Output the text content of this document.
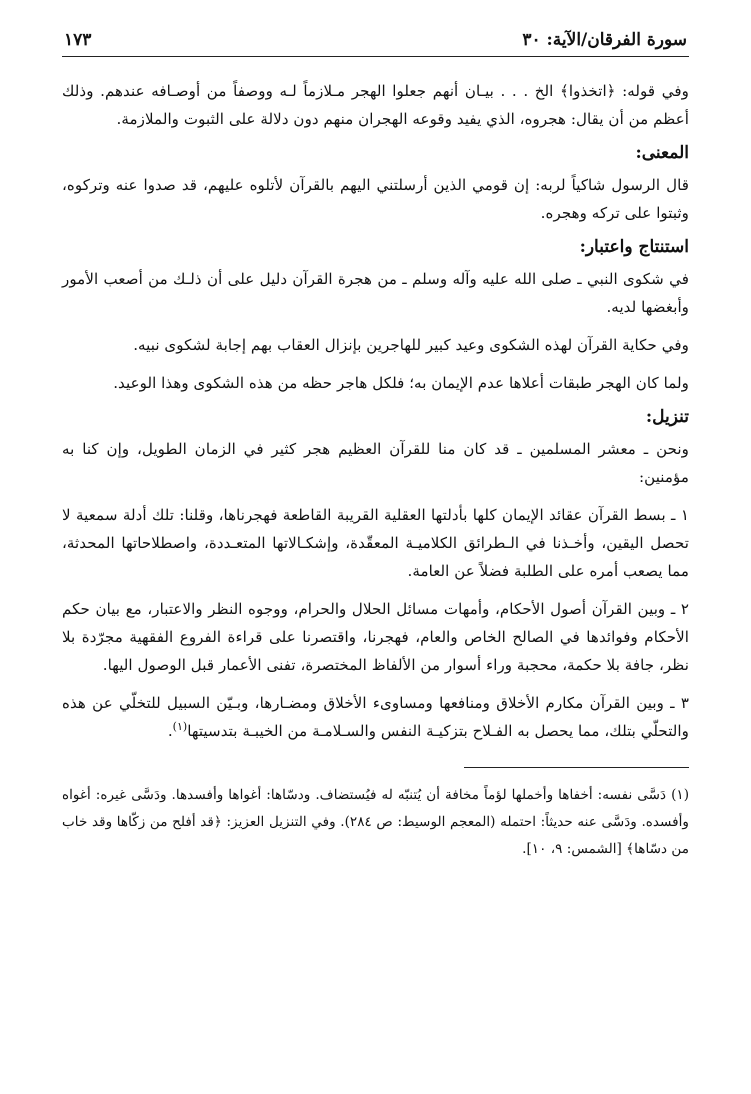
سورة الفرقان/الآية: ٣٠
١٧٣

وفي قوله: ﴿اتخذوا﴾ الخ . . . بيـان أنهم جعلوا الهجر مـلازماً لـه ووصفاً من أوصـافه عندهم. وذلك أعظم من أن يقال: هجروه، الذي يفيد وقوعه الهجران منهم دون دلالة على الثبوت والملازمة.

المعنى:

قال الرسول شاكياً لربه: إن قومي الذين أرسلتني اليهم بالقرآن لأتلوه عليهم، قد صدوا عنه وتركوه، وثبتوا على تركه وهجره.

استنتاج واعتبار:

في شكوى النبي ـ صلى الله عليه وآله وسلم ـ من هجرة القرآن دليل على أن ذلـك من أصعب الأمور وأبغضها لديه.

وفي حكاية القرآن لهذه الشكوى وعيد كبير للهاجرين بإنزال العقاب بهم إجابة لشكوى نبيه.

ولما كان الهجر طبقات أعلاها عدم الإيمان به؛ فلكل هاجر حظه من هذه الشكوى وهذا الوعيد.

تنزيل:

ونحن ـ معشر المسلمين ـ قد كان منا للقرآن العظيم هجر كثير في الزمان الطويل، وإن كنا به مؤمنين:

١ ـ بسط القرآن عقائد الإيمان كلها بأدلتها العقلية القريبة القاطعة فهجرناها، وقلنا: تلك أدلة سمعية لا تحصل اليقين، وأخـذنا في الـطرائق الكلاميـة المعقّدة، وإشكـالاتها المتعـددة، واصطلاحاتها المحدثة، مما يصعب أمره على الطلبة فضلاً عن العامة.

٢ ـ وبين القرآن أصول الأحكام، وأمهات مسائل الحلال والحرام، ووجوه النظر والاعتبار، مع بيان حكم الأحكام وفوائدها في الصالح الخاص والعام، فهجرنا، واقتصرنا على قراءة الفروع الفقهية مجرّدة بلا نظر، جافة بلا حكمة، محجبة وراء أسوار من الألفاظ المختصرة، تفنى الأعمار قبل الوصول اليها.

٣ ـ وبين القرآن مكارم الأخلاق ومنافعها ومساوىء الأخلاق ومضـارها، وبـيّن السبيل للتخلّي عن هذه والتحلّي بتلك، مما يحصل به الفـلاح بتزكيـة النفس والسـلامـة من الخيبـة بتدسيتها$^{(١)}$.

(١) دَسَّى نفسه: أخفاها وأخملها لؤماً مخافة أن يُتنبّه له فيُستضاف. ودسّاها: أغواها وأفسدها. ودَسَّى غيره: أغواه وأفسده. ودَسَّى عنه حديثاً: احتمله (المعجم الوسيط: ص ٢٨٤). وفي التنزيل العزيز: ﴿قد أفلح من زكّاها وقد خاب من دسّاها﴾ [الشمس: ٩، ١٠].
